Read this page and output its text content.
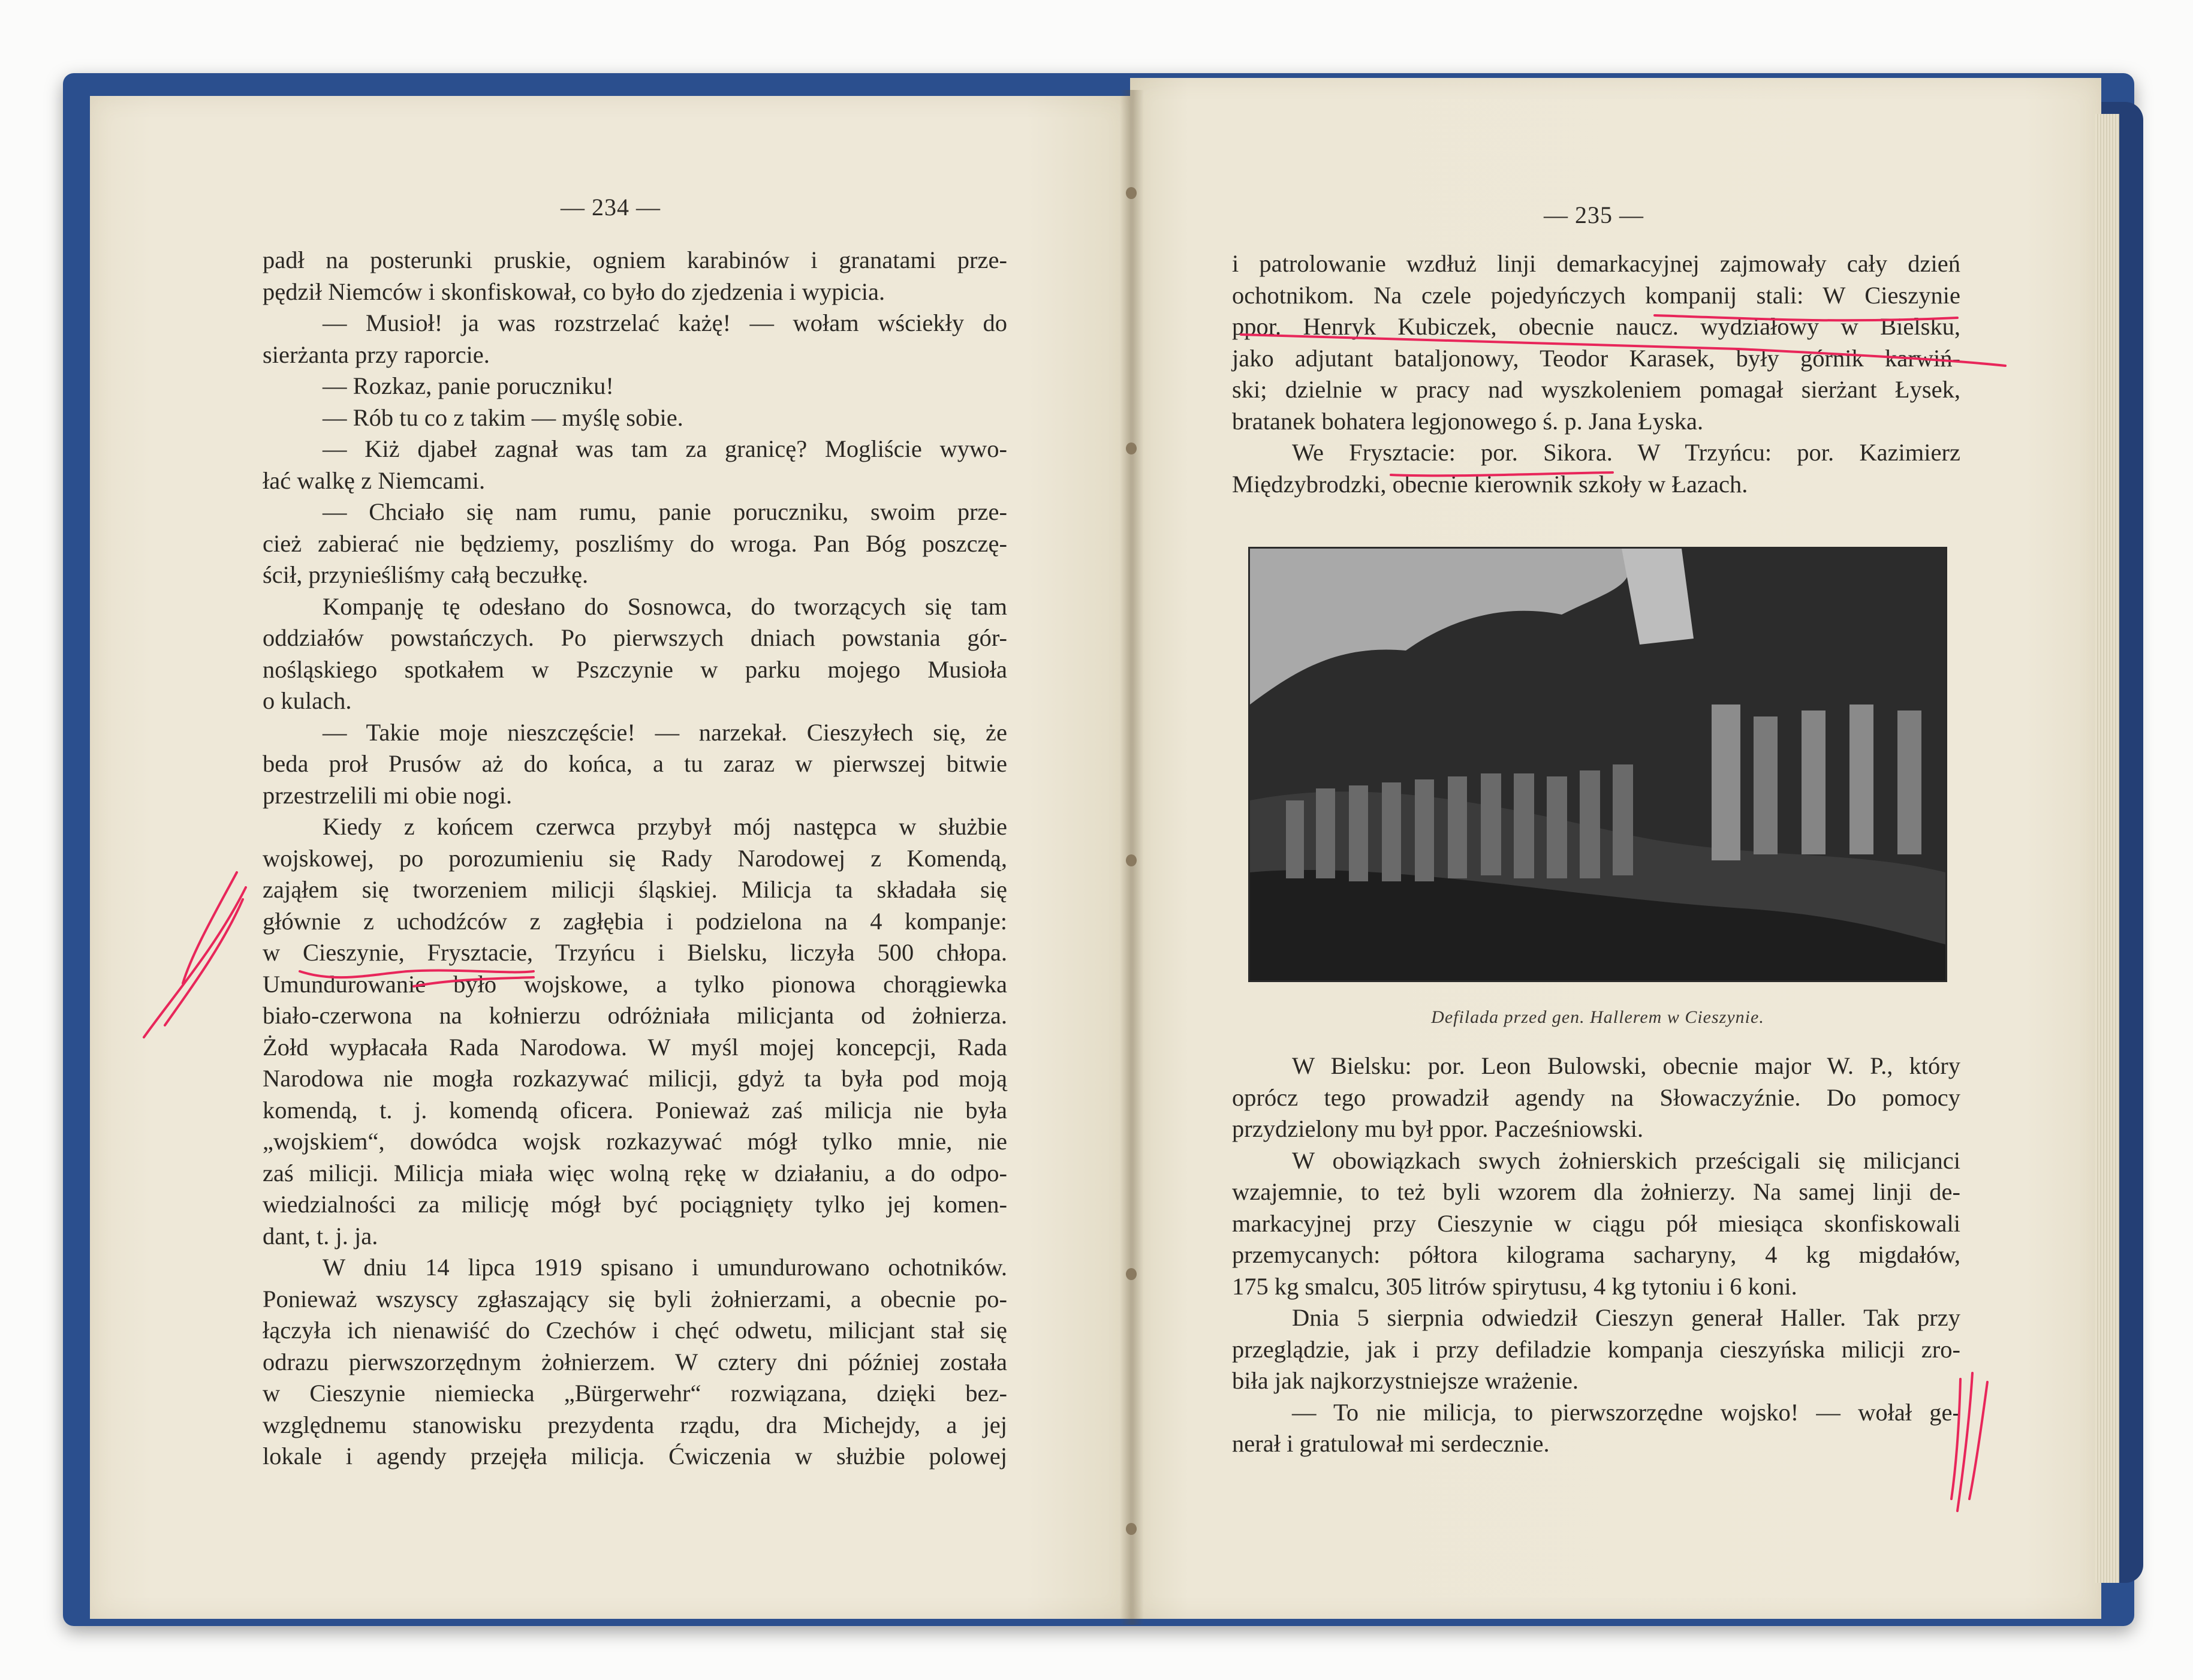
— 234 —

padł na posterunki pruskie, ogniem karabinów i granatami prze-
pędził Niemców i skonfiskował, co było do zjedzenia i wypicia.
— Musioł! ja was rozstrzelać każę! — wołam wściekły do
sierżanta przy raporcie.
— Rozkaz, panie poruczniku!
— Rób tu co z takim — myślę sobie.
— Kiż djabeł zagnał was tam za granicę? Mogliście wywo-
łać walkę z Niemcami.
— Chciało się nam rumu, panie poruczniku, swoim prze-
cież zabierać nie będziemy, poszliśmy do wroga. Pan Bóg poszczę-
ścił, przynieśliśmy całą beczułkę.
Kompanję tę odesłano do Sosnowca, do tworzących się tam
oddziałów powstańczych. Po pierwszych dniach powstania gór-
nośląskiego spotkałem w Pszczynie w parku mojego Musioła
o kulach.
— Takie moje nieszczęście! — narzekał. Cieszyłech się, że
beda proł Prusów aż do końca, a tu zaraz w pierwszej bitwie
przestrzelili mi obie nogi.
Kiedy z końcem czerwca przybył mój następca w służbie
wojskowej, po porozumieniu się Rady Narodowej z Komendą,
zająłem się tworzeniem milicji śląskiej. Milicja ta składała się
głównie z uchodźców z zagłębia i podzielona na 4 kompanje:
w Cieszynie, Frysztacie, Trzyńcu i Bielsku, liczyła 500 chłopa.
Umundurowanie było wojskowe, a tylko pionowa chorągiewka
biało-czerwona na kołnierzu odróżniała milicjanta od żołnierza.
Żołd wypłacała Rada Narodowa. W myśl mojej koncepcji, Rada
Narodowa nie mogła rozkazywać milicji, gdyż ta była pod moją
komendą, t. j. komendą oficera. Ponieważ zaś milicja nie była
„wojskiem“, dowódca wojsk rozkazywać mógł tylko mnie, nie
zaś milicji. Milicja miała więc wolną rękę w działaniu, a do odpo-
wiedzialności za milicję mógł być pociągnięty tylko jej komen-
dant, t. j. ja.
W dniu 14 lipca 1919 spisano i umundurowano ochotników.
Ponieważ wszyscy zgłaszający się byli żołnierzami, a obecnie po-
łączyła ich nienawiść do Czechów i chęć odwetu, milicjant stał się
odrazu pierwszorzędnym żołnierzem. W cztery dni później została
w Cieszynie niemiecka „Bürgerwehr“ rozwiązana, dzięki bez-
względnemu stanowisku prezydenta rządu, dra Michejdy, a jej
lokale i agendy przejęła milicja. Ćwiczenia w służbie polowej

— 235 —

i patrolowanie wzdłuż linji demarkacyjnej zajmowały cały dzień
ochotnikom. Na czele pojedyńczych kompanij stali: W Cieszynie
ppor. Henryk Kubiczek, obecnie naucz. wydziałowy w Bielsku,
jako adjutant bataljonowy, Teodor Karasek, były górnik karwiń-
ski; dzielnie w pracy nad wyszkoleniem pomagał sierżant Łysek,
bratanek bohatera legjonowego ś. p. Jana Łyska.
We Frysztacie: por. Sikora. W Trzyńcu: por. Kazimierz
Międzybrodzki, obecnie kierownik szkoły w Łazach.

Defilada przed gen. Hallerem w Cieszynie.

W Bielsku: por. Leon Bulowski, obecnie major W. P., który
oprócz tego prowadził agendy na Słowaczyźnie. Do pomocy
przydzielony mu był ppor. Pacześniowski.
W obowiązkach swych żołnierskich prześcigali się milicjanci
wzajemnie, to też byli wzorem dla żołnierzy. Na samej linji de-
markacyjnej przy Cieszynie w ciągu pół miesiąca skonfiskowali
przemycanych: półtora kilograma sacharyny, 4 kg migdałów,
175 kg smalcu, 305 litrów spirytusu, 4 kg tytoniu i 6 koni.
Dnia 5 sierpnia odwiedził Cieszyn generał Haller. Tak przy
przeglądzie, jak i przy defiladzie kompanja cieszyńska milicji zro-
biła jak najkorzystniejsze wrażenie.
— To nie milicja, to pierwszorzędne wojsko! — wołał ge-
nerał i gratulował mi serdecznie.
